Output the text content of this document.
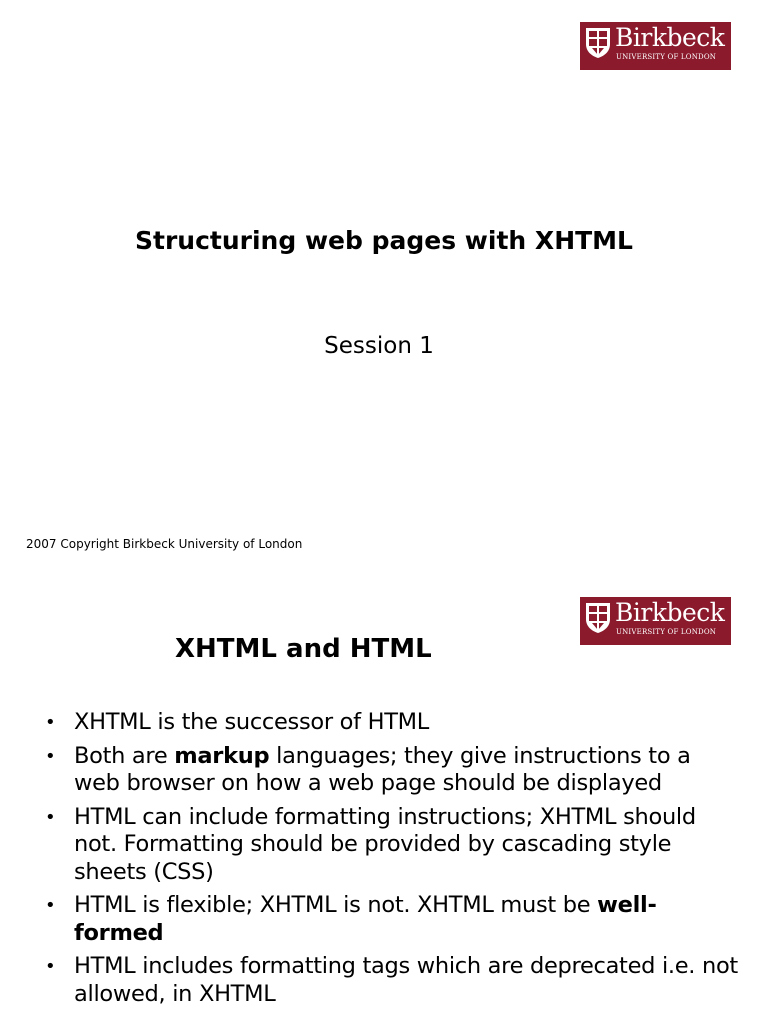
Birkbeck
UNIVERSITY OF LONDON
Structuring web pages with XHTML
Session 1
2007 Copyright Birkbeck University of London
Birkbeck
UNIVERSITY OF LONDON
XHTML and HTML
• XHTML is the successor of HTML
• Both are markup languages; they give instructions to a web browser on how a web page should be displayed
• HTML can include formatting instructions; XHTML should not. Formatting should be provided by cascading style sheets (CSS)
• HTML is flexible; XHTML is not. XHTML must be well-formed
• HTML includes formatting tags which are deprecated i.e. not allowed, in XHTML
